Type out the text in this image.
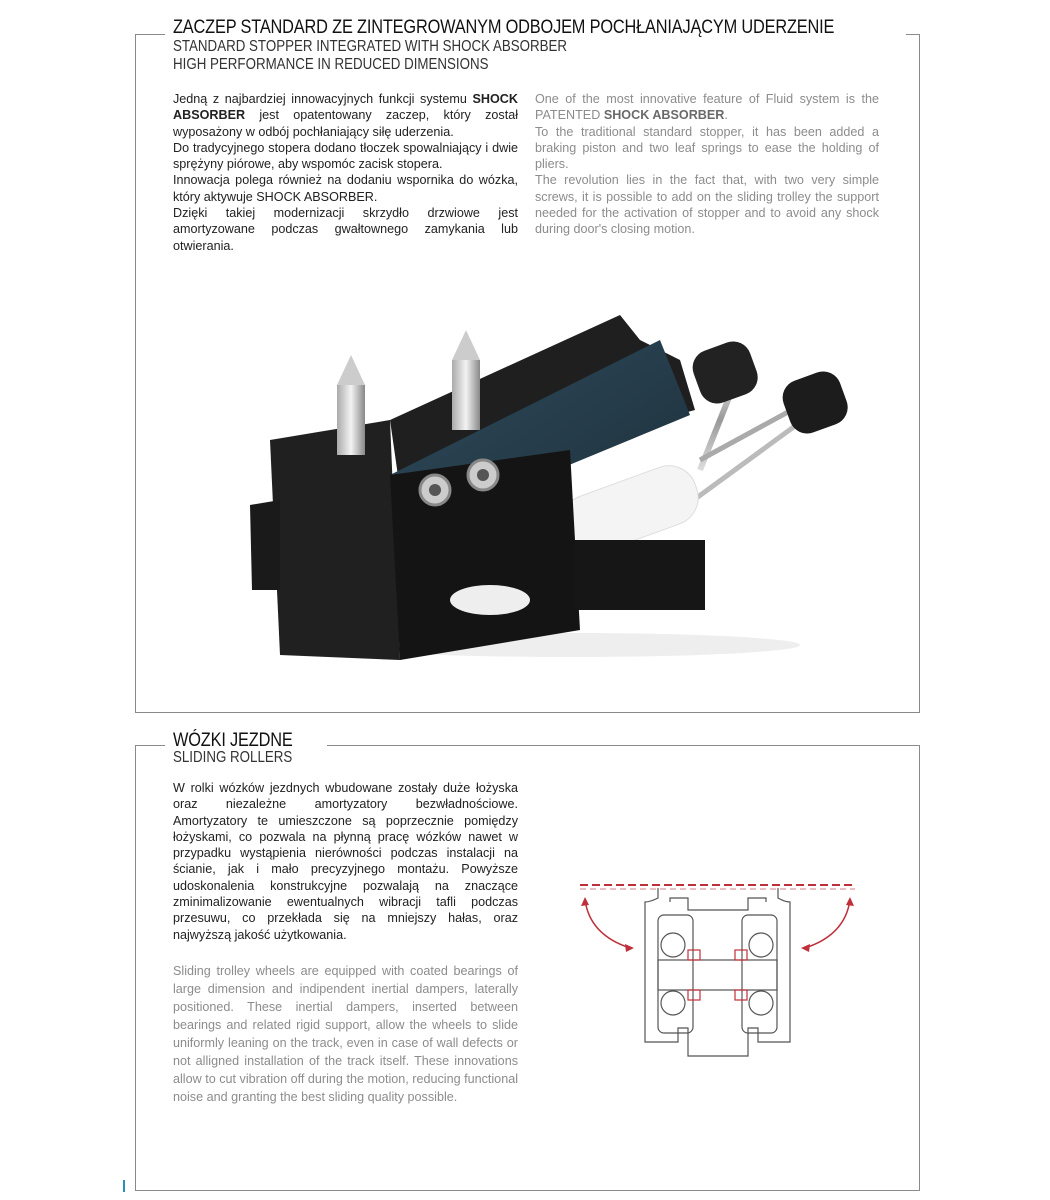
ZACZEP STANDARD ZE ZINTEGROWANYM ODBOJEM POCHŁANIAJĄCYM UDERZENIE
STANDARD STOPPER INTEGRATED WITH SHOCK ABSORBER
HIGH PERFORMANCE IN REDUCED DIMENSIONS

Jedną z najbardziej innowacyjnych funkcji systemu SHOCK ABSORBER jest opatentowany zaczep, który został wyposażony w odbój pochłaniający siłę uderzenia.

Do tradycyjnego stopera dodano tłoczek spowalniający i dwie sprężyny piórowe, aby wspomóc zacisk stopera.

Innowacja polega również na dodaniu wspornika do wózka, który aktywuje SHOCK ABSORBER.

Dzięki takiej modernizacji skrzydło drzwiowe jest amortyzowane podczas gwałtownego zamykania lub otwierania.

One of the most innovative feature of Fluid system is the PATENTED SHOCK ABSORBER.

To the traditional standard stopper, it has been added a braking piston and two leaf springs to ease the holding of pliers.

The revolution lies in the fact that, with two very simple screws, it is possible to add on the sliding trolley the support needed for the activation of stopper and to avoid any shock during door's closing motion.

WÓZKI JEZDNE
SLIDING ROLLERS

W rolki wózków jezdnych wbudowane zostały duże łożyska oraz niezależne amortyzatory bezwładnościowe. Amortyzatory te umieszczone są poprzecznie pomiędzy łożyskami, co pozwala na płynną pracę wózków nawet w przypadku wystąpienia nierówności podczas instalacji na ścianie, jak i mało precyzyjnego montażu. Powyższe udoskonalenia konstrukcyjne pozwalają na znaczące zminimalizowanie ewentualnych wibracji tafli podczas przesuwu, co przekłada się na mniejszy hałas, oraz najwyższą jakość użytkowania.

Sliding trolley wheels are equipped with coated bearings of large dimension and indipendent inertial dampers, laterally positioned. These inertial dampers, inserted between bearings and related rigid support, allow the wheels to slide uniformly leaning on the track, even in case of wall defects or not alligned installation of the track itself. These innovations allow to cut vibration off during the motion, reducing functional noise and granting the best sliding quality possible.
